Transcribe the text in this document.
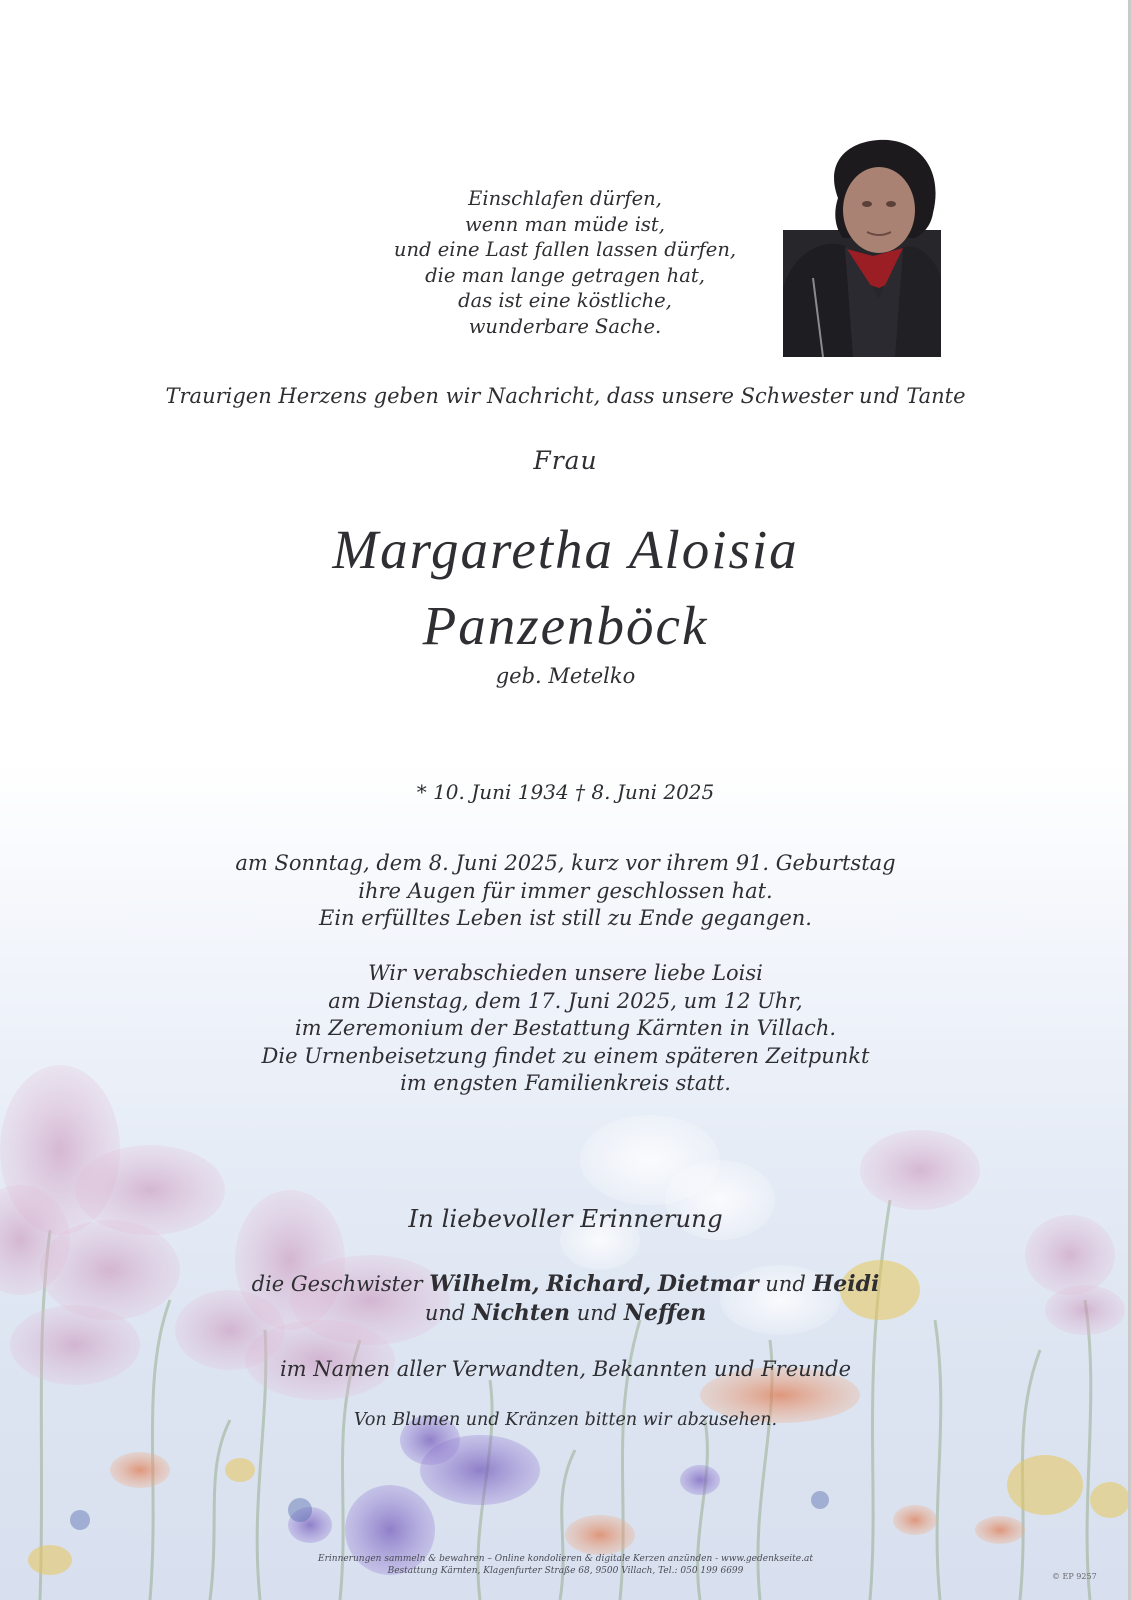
Einschlafen dürfen,
wenn man müde ist,
und eine Last fallen lassen dürfen,
die man lange getragen hat,
das ist eine köstliche,
wunderbare Sache.

Traurigen Herzens geben wir Nachricht, dass unsere Schwester und Tante

Frau

Margaretha Aloisia

Panzenböck

geb. Metelko

* 10. Juni 1934 † 8. Juni 2025

am Sonntag, dem 8. Juni 2025, kurz vor ihrem 91. Geburtstag
ihre Augen für immer geschlossen hat.
Ein erfülltes Leben ist still zu Ende gegangen.
Wir verabschieden unsere liebe Loisi
am Dienstag, dem 17. Juni 2025, um 12 Uhr,
im Zeremonium der Bestattung Kärnten in Villach.
Die Urnenbeisetzung findet zu einem späteren Zeitpunkt
im engsten Familienkreis statt.

In liebevoller Erinnerung

die Geschwister Wilhelm, Richard, Dietmar und Heidi
und Nichten und Neffen

im Namen aller Verwandten, Bekannten und Freunde

Von Blumen und Kränzen bitten wir abzusehen.

Erinnerungen sammeln & bewahren – Online kondolieren & digitale Kerzen anzünden - www.gedenkseite.at
Bestattung Kärnten, Klagenfurter Straße 68, 9500 Villach, Tel.: 050 199 6699
© EP 9257
